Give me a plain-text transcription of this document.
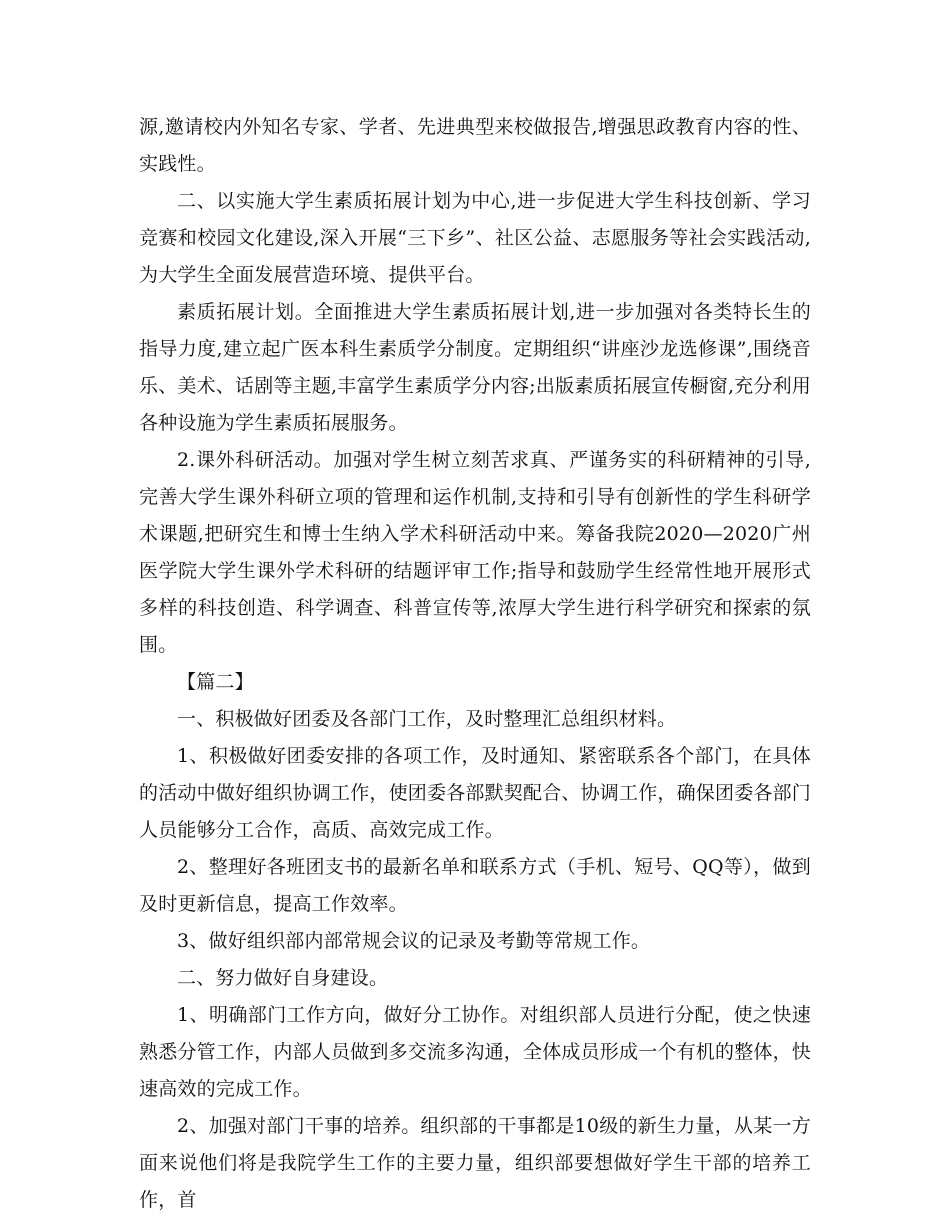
源,邀请校内外知名专家、学者、先进典型来校做报告,增强思政教育内容的性、实践性。

二、以实施大学生素质拓展计划为中心,进一步促进大学生科技创新、学习竞赛和校园文化建设,深入开展“三下乡”、社区公益、志愿服务等社会实践活动,为大学生全面发展营造环境、提供平台。

素质拓展计划。全面推进大学生素质拓展计划,进一步加强对各类特长生的指导力度,建立起广医本科生素质学分制度。定期组织“讲座沙龙选修课”,围绕音乐、美术、话剧等主题,丰富学生素质学分内容;出版素质拓展宣传橱窗,充分利用各种设施为学生素质拓展服务。

2.课外科研活动。加强对学生树立刻苦求真、严谨务实的科研精神的引导,完善大学生课外科研立项的管理和运作机制,支持和引导有创新性的学生科研学术课题,把研究生和博士生纳入学术科研活动中来。筹备我院2020—2020广州医学院大学生课外学术科研的结题评审工作;指导和鼓励学生经常性地开展形式多样的科技创造、科学调查、科普宣传等,浓厚大学生进行科学研究和探索的氛围。

【篇二】

一、积极做好团委及各部门工作，及时整理汇总组织材料。

1、积极做好团委安排的各项工作，及时通知、紧密联系各个部门，在具体的活动中做好组织协调工作，使团委各部默契配合、协调工作，确保团委各部门人员能够分工合作，高质、高效完成工作。

2、整理好各班团支书的最新名单和联系方式（手机、短号、QQ等），做到及时更新信息，提高工作效率。

3、做好组织部内部常规会议的记录及考勤等常规工作。

二、努力做好自身建设。

1、明确部门工作方向，做好分工协作。对组织部人员进行分配，使之快速熟悉分管工作，内部人员做到多交流多沟通，全体成员形成一个有机的整体，快速高效的完成工作。

2、加强对部门干事的培养。组织部的干事都是10级的新生力量，从某一方面来说他们将是我院学生工作的主要力量，组织部要想做好学生干部的培养工作，首
